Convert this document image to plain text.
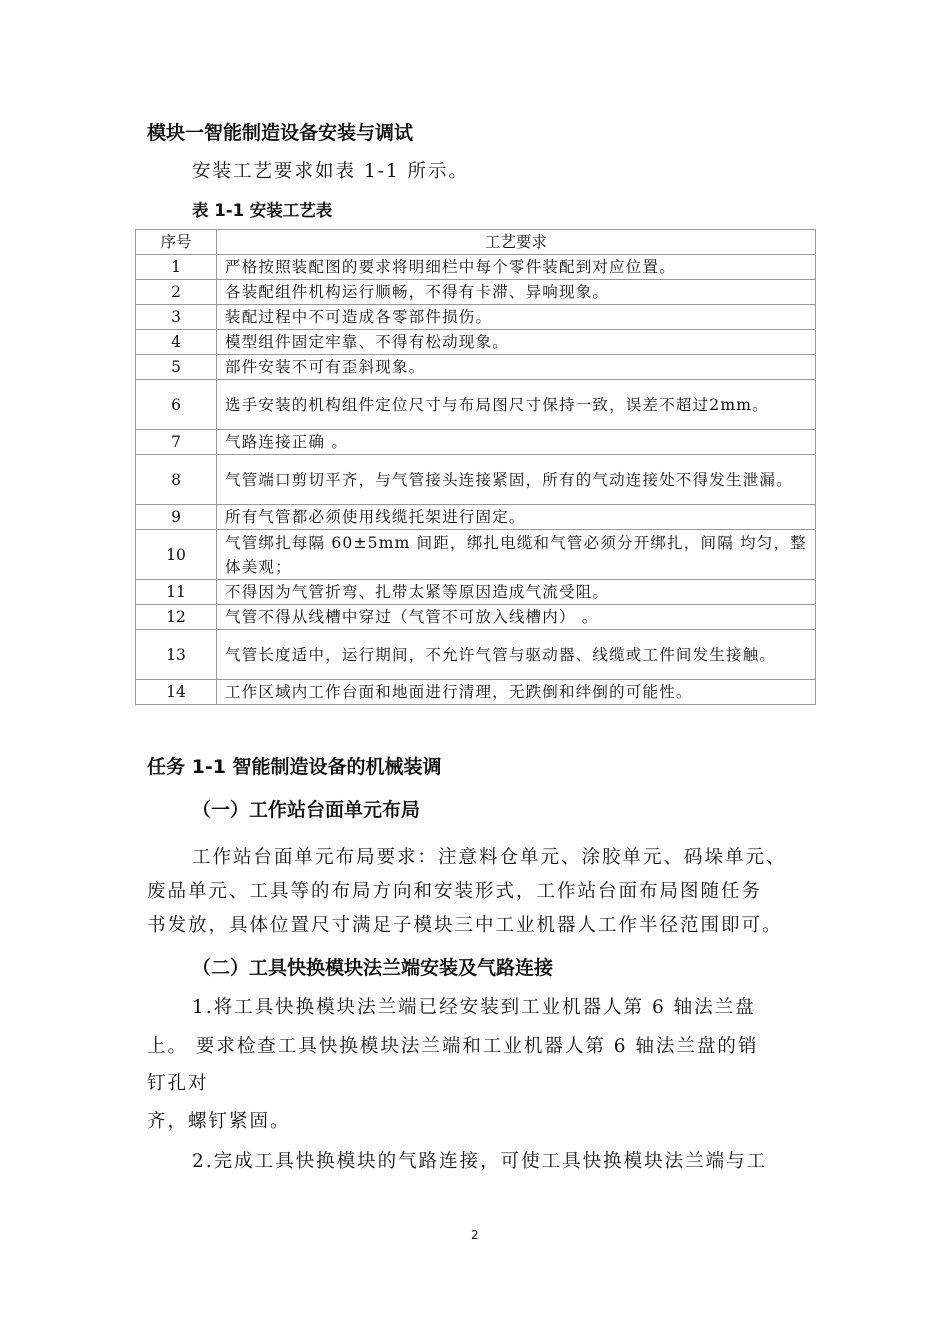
模块一智能制造设备安装与调试
安装工艺要求如表 1-1 所示。
表 1-1 安装工艺表
序号	工艺要求
1	严格按照装配图的要求将明细栏中每个零件装配到对应位置。
2	各装配组件机构运行顺畅，不得有卡滞、异响现象。
3	装配过程中不可造成各零部件损伤。
4	模型组件固定牢靠、不得有松动现象。
5	部件安装不可有歪斜现象。
6	选手安装的机构组件定位尺寸与布局图尺寸保持一致，误差不超过2mm。
7	气路连接正确 。
8	气管端口剪切平齐，与气管接头连接紧固，所有的气动连接处不得发生泄漏。
9	所有气管都必须使用线缆托架进行固定。
10	气管绑扎每隔 60±5mm 间距，绑扎电缆和气管必须分开绑扎，间隔 均匀，整体美观；
11	不得因为气管折弯、扎带太紧等原因造成气流受阻。
12	气管不得从线槽中穿过（气管不可放入线槽内） 。
13	气管长度适中，运行期间，不允许气管与驱动器、线缆或工件间发生接触。
14	工作区域内工作台面和地面进行清理，无跌倒和绊倒的可能性。
任务 1-1 智能制造设备的机械装调
（一）工作站台面单元布局
工作站台面单元布局要求：注意料仓单元、涂胶单元、码垛单元、
废品单元、工具等的布局方向和安装形式，工作站台面布局图随任务
书发放，具体位置尺寸满足子模块三中工业机器人工作半径范围即可。
（二）工具快换模块法兰端安装及气路连接
1.将工具快换模块法兰端已经安装到工业机器人第 6 轴法兰盘
上。 要求检查工具快换模块法兰端和工业机器人第 6 轴法兰盘的销
钉孔对
齐，螺钉紧固。
2.完成工具快换模块的气路连接，可使工具快换模块法兰端与工
2
